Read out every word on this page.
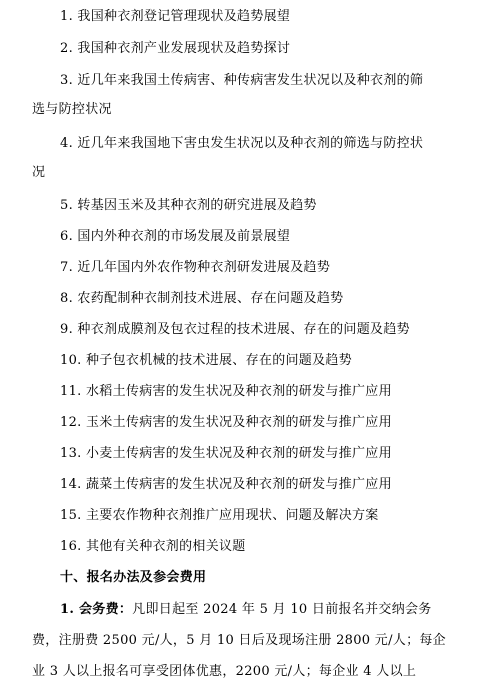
1. 我国种衣剂登记管理现状及趋势展望
2. 我国种衣剂产业发展现状及趋势探讨
3. 近几年来我国土传病害、种传病害发生状况以及种衣剂的筛
选与防控状况
4. 近几年来我国地下害虫发生状况以及种衣剂的筛选与防控状
况
5. 转基因玉米及其种衣剂的研究进展及趋势
6. 国内外种衣剂的市场发展及前景展望
7. 近几年国内外农作物种衣剂研发进展及趋势
8. 农药配制种衣制剂技术进展、存在问题及趋势
9. 种衣剂成膜剂及包衣过程的技术进展、存在的问题及趋势
10. 种子包衣机械的技术进展、存在的问题及趋势
11. 水稻土传病害的发生状况及种衣剂的研发与推广应用
12. 玉米土传病害的发生状况及种衣剂的研发与推广应用
13. 小麦土传病害的发生状况及种衣剂的研发与推广应用
14. 蔬菜土传病害的发生状况及种衣剂的研发与推广应用
15. 主要农作物种衣剂推广应用现状、问题及解决方案
16. 其他有关种衣剂的相关议题
十、报名办法及参会费用
1. 会务费：凡即日起至 2024 年 5 月 10 日前报名并交纳会务
费，注册费 2500 元/人，5 月 10 日后及现场注册 2800 元/人；每企
业 3 人以上报名可享受团体优惠，2200 元/人；每企业 4 人以上
